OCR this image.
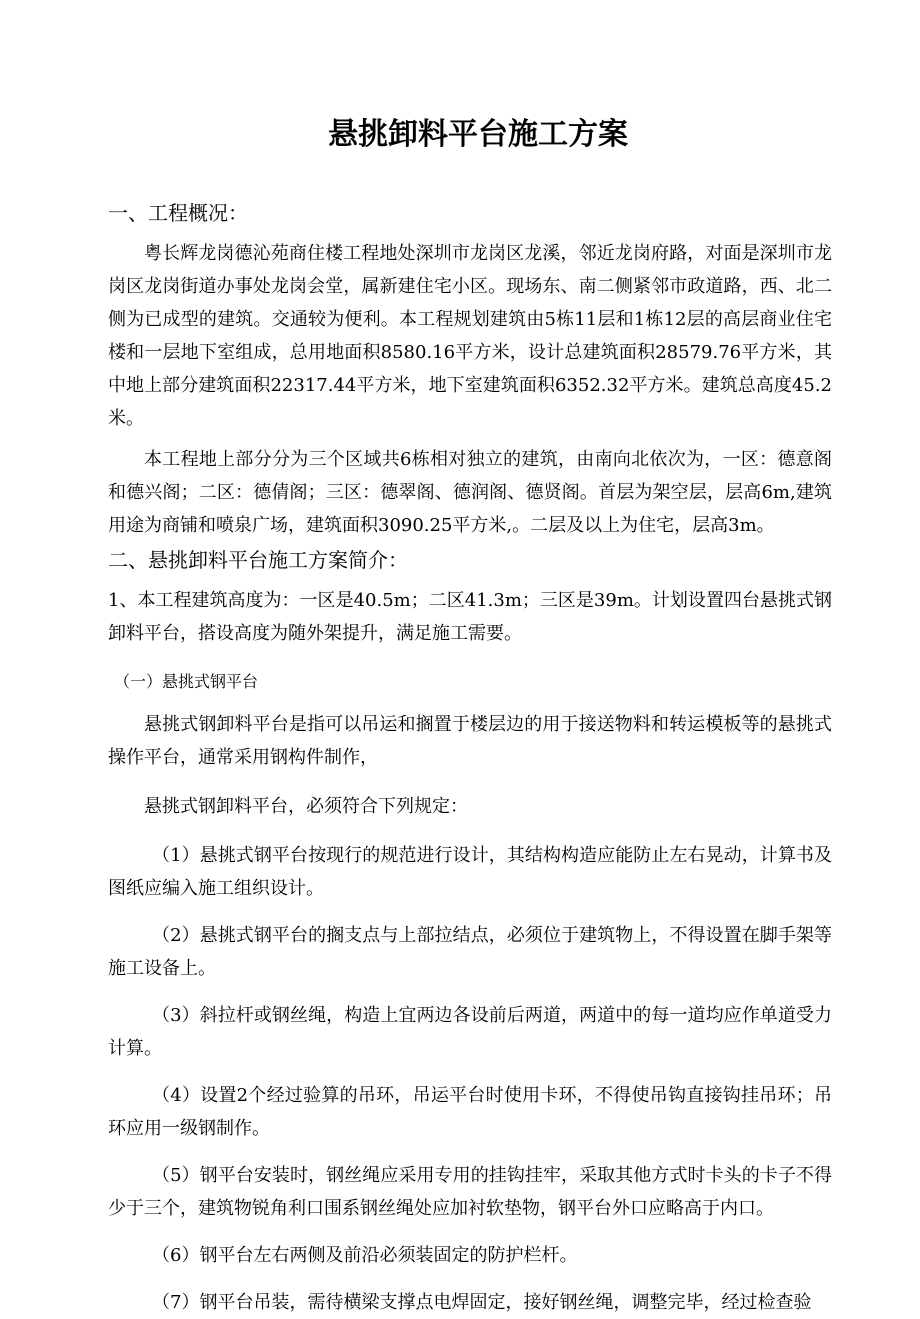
悬挑卸料平台施工方案
一、工程概况：

粤长辉龙岗德沁苑商住楼工程地处深圳市龙岗区龙溪，邻近龙岗府路，对面是深圳市龙岗区龙岗街道办事处龙岗会堂，属新建住宅小区。现场东、南二侧紧邻市政道路，西、北二侧为已成型的建筑。交通较为便利。本工程规划建筑由5栋11层和1栋12层的高层商业住宅楼和一层地下室组成，总用地面积8580.16平方米，设计总建筑面积28579.76平方米，其中地上部分建筑面积22317.44平方米，地下室建筑面积6352.32平方米。建筑总高度45.2米。

本工程地上部分分为三个区域共6栋相对独立的建筑，由南向北依次为，一区：德意阁和德兴阁；二区：德倩阁；三区：德翠阁、德润阁、德贤阁。首层为架空层，层高6m,建筑用途为商铺和喷泉广场，建筑面积3090.25平方米,。二层及以上为住宅，层高3m。

二、悬挑卸料平台施工方案简介：

1、本工程建筑高度为：一区是40.5m；二区41.3m；三区是39m。计划设置四台悬挑式钢卸料平台，搭设高度为随外架提升，满足施工需要。

（一）悬挑式钢平台

悬挑式钢卸料平台是指可以吊运和搁置于楼层边的用于接送物料和转运模板等的悬挑式操作平台，通常采用钢构件制作，

悬挑式钢卸料平台，必须符合下列规定：

（1）悬挑式钢平台按现行的规范进行设计，其结构构造应能防止左右晃动，计算书及图纸应编入施工组织设计。

（2）悬挑式钢平台的搁支点与上部拉结点，必须位于建筑物上，不得设置在脚手架等施工设备上。

（3）斜拉杆或钢丝绳，构造上宜两边各设前后两道，两道中的每一道均应作单道受力计算。

（4）设置2个经过验算的吊环，吊运平台时使用卡环，不得使吊钩直接钩挂吊环；吊环应用一级钢制作。

（5）钢平台安装时，钢丝绳应采用专用的挂钩挂牢，采取其他方式时卡头的卡子不得少于三个，建筑物锐角利口围系钢丝绳处应加衬软垫物，钢平台外口应略高于内口。

（6）钢平台左右两侧及前沿必须装固定的防护栏杆。

（7）钢平台吊装，需待横梁支撑点电焊固定，接好钢丝绳，调整完毕，经过检查验
